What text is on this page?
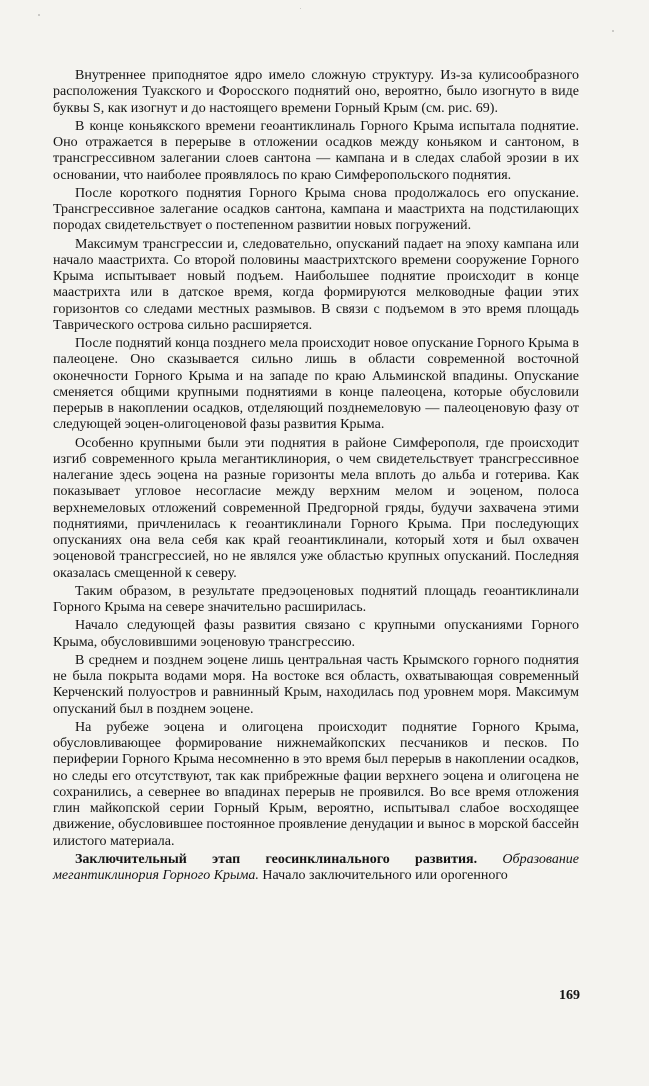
Внутреннее приподнятое ядро имело сложную структуру. Из-за кулисообразного расположения Туакского и Форосского поднятий оно, вероятно, было изогнуто в виде буквы S, как изогнут и до настоящего времени Горный Крым (см. рис. 69).

В конце коньякского времени геоантиклиналь Горного Крыма испытала поднятие. Оно отражается в перерыве в отложении осадков между коньяком и сантоном, в трансгрессивном залегании слоев сантона — кампана и в следах слабой эрозии в их основании, что наиболее проявлялось по краю Симферопольского поднятия.

После короткого поднятия Горного Крыма снова продолжалось его опускание. Трансгрессивное залегание осадков сантона, кампана и маастрихта на подстилающих породах свидетельствует о постепенном развитии новых погружений.

Максимум трансгрессии и, следовательно, опусканий падает на эпоху кампана или начало маастрихта. Со второй половины маастрихтского времени сооружение Горного Крыма испытывает новый подъем. Наибольшее поднятие происходит в конце маастрихта или в датское время, когда формируются мелководные фации этих горизонтов со следами местных размывов. В связи с подъемом в это время площадь Таврического острова сильно расширяется.

После поднятий конца позднего мела происходит новое опускание Горного Крыма в палеоцене. Оно сказывается сильно лишь в области современной восточной оконечности Горного Крыма и на западе по краю Альминской впадины. Опускание сменяется общими крупными поднятиями в конце палеоцена, которые обусловили перерыв в накоплении осадков, отделяющий позднемеловую — палеоценовую фазу от следующей эоцен-олигоценовой фазы развития Крыма.

Особенно крупными были эти поднятия в районе Симферополя, где происходит изгиб современного крыла мегантиклинория, о чем свидетельствует трансгрессивное налегание здесь эоцена на разные горизонты мела вплоть до альба и готерива. Как показывает угловое несогласие между верхним мелом и эоценом, полоса верхнемеловых отложений современной Предгорной гряды, будучи захвачена этими поднятиями, причленилась к геоантиклинали Горного Крыма. При последующих опусканиях она вела себя как край геоантиклинали, который хотя и был охвачен эоценовой трансгрессией, но не являлся уже областью крупных опусканий. Последняя оказалась смещенной к северу.

Таким образом, в результате предэоценовых поднятий площадь геоантиклинали Горного Крыма на севере значительно расширилась.

Начало следующей фазы развития связано с крупными опусканиями Горного Крыма, обусловившими эоценовую трансгрессию.

В среднем и позднем эоцене лишь центральная часть Крымского горного поднятия не была покрыта водами моря. На востоке вся область, охватывающая современный Керченский полуостров и равнинный Крым, находилась под уровнем моря. Максимум опусканий был в позднем эоцене.

На рубеже эоцена и олигоцена происходит поднятие Горного Крыма, обусловливающее формирование нижнемайкопских песчаников и песков. По периферии Горного Крыма несомненно в это время был перерыв в накоплении осадков, но следы его отсутствуют, так как прибрежные фации верхнего эоцена и олигоцена не сохранились, а севернее во впадинах перерыв не проявился. Во все время отложения глин майкопской серии Горный Крым, вероятно, испытывал слабое восходящее движение, обусловившее постоянное проявление денудации и вынос в морской бассейн илистого материала.

Заключительный этап геосинклинального развития. Образование мегантиклинория Горного Крыма. Начало заключительного или орогенного

169
